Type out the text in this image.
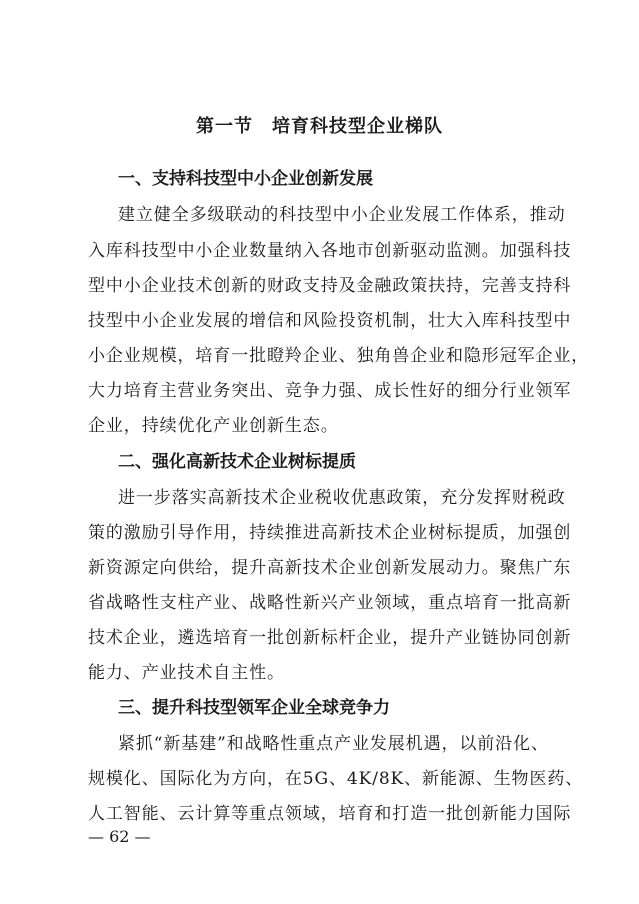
第一节　培育科技型企业梯队
一、支持科技型中小企业创新发展
建立健全多级联动的科技型中小企业发展工作体系，推动
入库科技型中小企业数量纳入各地市创新驱动监测。加强科技
型中小企业技术创新的财政支持及金融政策扶持，完善支持科
技型中小企业发展的增信和风险投资机制，壮大入库科技型中
小企业规模，培育一批瞪羚企业、独角兽企业和隐形冠军企业，
大力培育主营业务突出、竞争力强、成长性好的细分行业领军
企业，持续优化产业创新生态。
二、强化高新技术企业树标提质
进一步落实高新技术企业税收优惠政策，充分发挥财税政
策的激励引导作用，持续推进高新技术企业树标提质，加强创
新资源定向供给，提升高新技术企业创新发展动力。聚焦广东
省战略性支柱产业、战略性新兴产业领域，重点培育一批高新
技术企业，遴选培育一批创新标杆企业，提升产业链协同创新
能力、产业技术自主性。
三、提升科技型领军企业全球竞争力
紧抓“新基建”和战略性重点产业发展机遇，以前沿化、
规模化、国际化为方向，在5G、4K/8K、新能源、生物医药、
人工智能、云计算等重点领域，培育和打造一批创新能力国际
— 62 —
